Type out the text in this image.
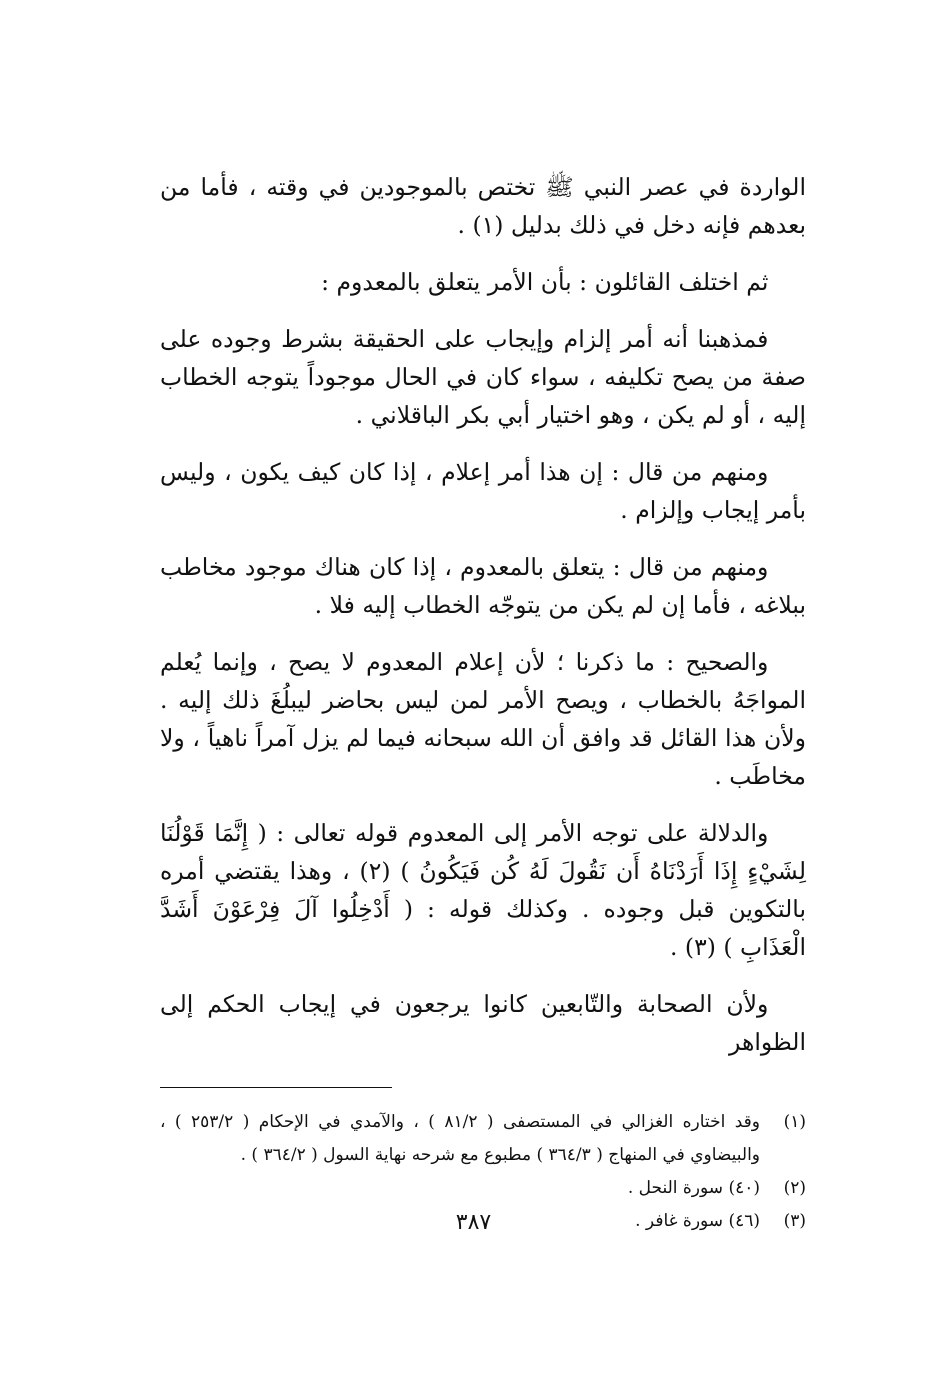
الواردة في عصر النبي ﷺ تختص بالموجودين في وقته ، فأما من بعدهم فإنه دخل في ذلك بدليل (١) .

ثم اختلف القائلون : بأن الأمر يتعلق بالمعدوم :

فمذهبنا أنه أمر إلزام وإيجاب على الحقيقة بشرط وجوده على صفة من يصح تكليفه ، سواء كان في الحال موجوداً يتوجه الخطاب إليه ، أو لم يكن ، وهو اختيار أبي بكر الباقلاني .

ومنهم من قال : إن هذا أمر إعلام ، إذا كان كيف يكون ، وليس بأمر إيجاب وإلزام .

ومنهم من قال : يتعلق بالمعدوم ، إذا كان هناك موجود مخاطب ببلاغه ، فأما إن لم يكن من يتوجّه الخطاب إليه فلا .

والصحيح : ما ذكرنا ؛ لأن إعلام المعدوم لا يصح ، وإنما يُعلم المواجَهُ بالخطاب ، ويصح الأمر لمن ليس بحاضر ليبلُغَ ذلك إليه . ولأن هذا القائل قد وافق أن الله سبحانه فيما لم يزل آمراً ناهياً ، ولا مخاطَب .

والدلالة على توجه الأمر إلى المعدوم قوله تعالى : ( إِنَّمَا قَوْلُنَا لِشَيْءٍ إِذَا أَرَدْنَاهُ أَن نَقُولَ لَهُ كُن فَيَكُونُ ) (٢) ، وهذا يقتضي أمره بالتكوين قبل وجوده . وكذلك قوله : ( أَدْخِلُوا آلَ فِرْعَوْنَ أَشَدَّ الْعَذَابِ ) (٣) .

ولأن الصحابة والتّابعين كانوا يرجعون في إيجاب الحكم إلى الظواهر

(١)
وقد اختاره الغزالي في المستصفى ( ٨١/٢ ) ، والآمدي في الإحكام ( ٢٥٣/٢ ) ، والبيضاوي في المنهاج ( ٣٦٤/٣ ) مطبوع مع شرحه نهاية السول ( ٣٦٤/٢ ) .
(٢)
(٤٠) سورة النحل .
(٣)
(٤٦) سورة غافر .
٣٨٧
